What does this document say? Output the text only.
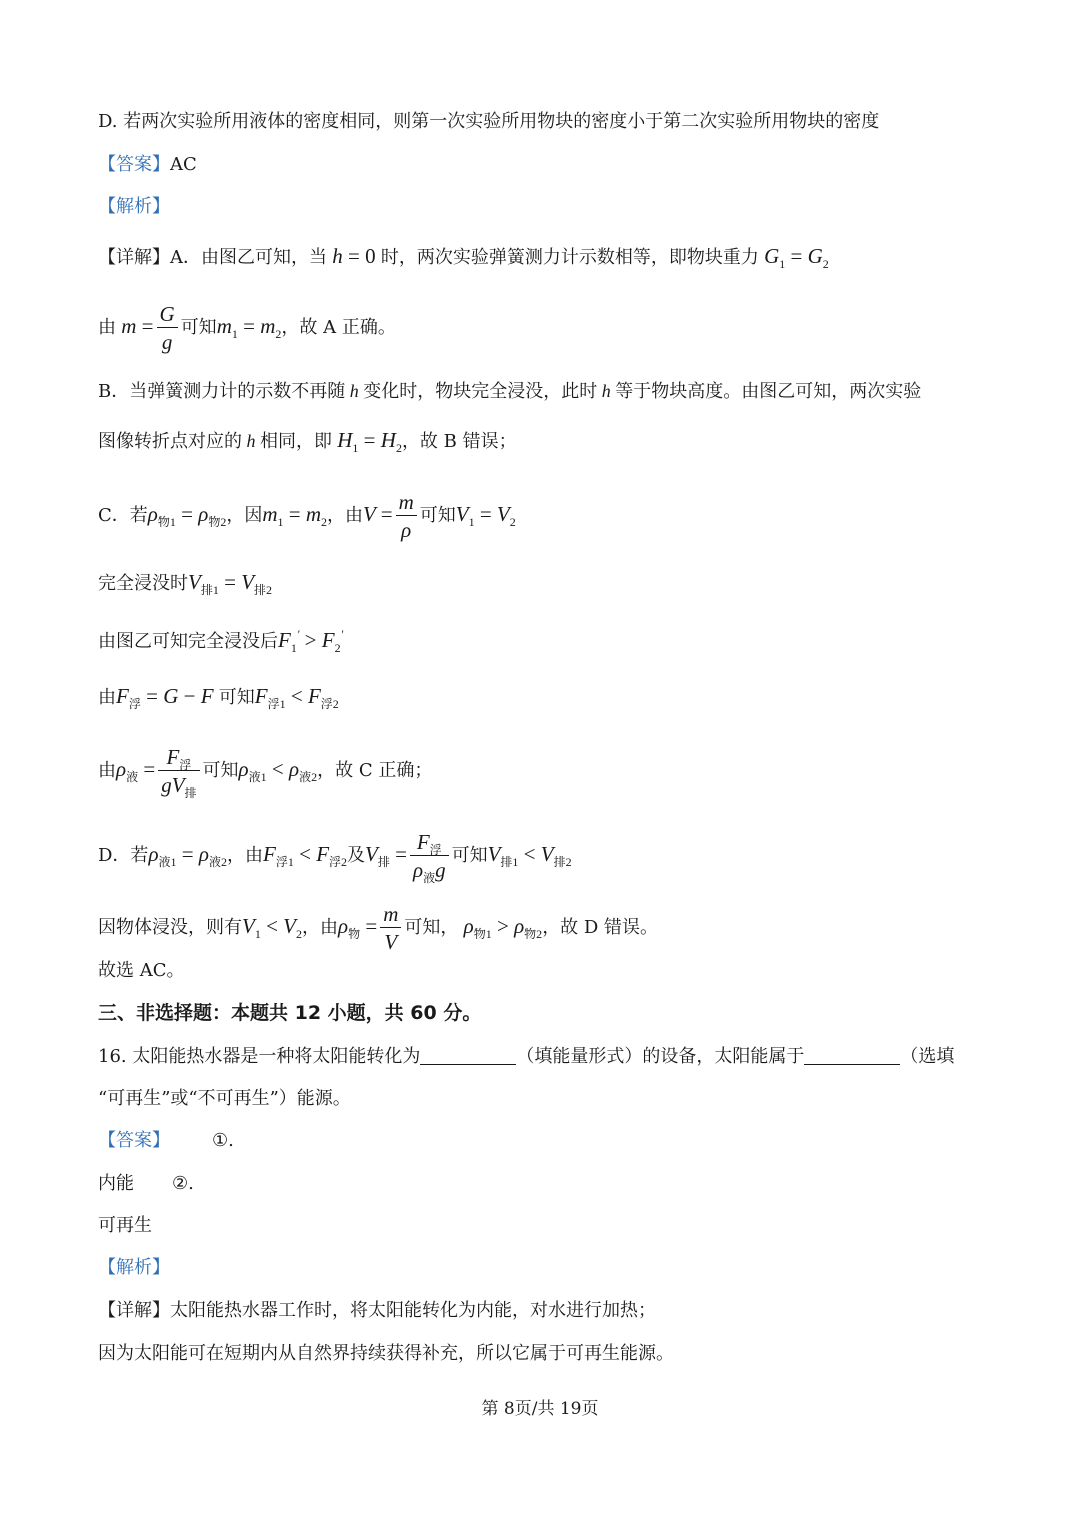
D. 若两次实验所用液体的密度相同，则第一次实验所用物块的密度小于第二次实验所用物块的密度
【答案】AC
【解析】
【详解】A．由图乙可知，当 h = 0 时，两次实验弹簧测力计示数相等，即物块重力 $G_1 = G_2$
由 $m = \frac{G}{g}$ 可知$m_1 = m_2$，故 A 正确。
B．当弹簧测力计的示数不再随 h 变化时，物块完全浸没，此时 h 等于物块高度。由图乙可知，两次实验
图像转折点对应的 h 相同，即 $H_1 = H_2$，故 B 错误；
C．若$\rho_{物1} = \rho_{物2}$，因$m_1 = m_2$，由$V = \frac{m}{\rho}$ 可知$V_1 = V_2$
完全浸没时$V_{排1} = V_{排2}$
由图乙可知完全浸没后$F_1' > F_2'$
由$F_浮 = G - F$ 可知$F_{浮1} < F_{浮2}$
由$\rho_液 = \frac{F_浮}{gV_排}$ 可知$\rho_{液1} < \rho_{液2}$，故 C 正确；
D．若$\rho_{液1} = \rho_{液2}$，由$F_{浮1} < F_{浮2}$及$V_排 = \frac{F_浮}{\rho_液g}$ 可知$V_{排1} < V_{排2}$
因物体浸没，则有$V_1 < V_2$，由$\rho_物 = \frac{m}{V}$ 可知， $\rho_{物1} > \rho_{物2}$，故 D 错误。
故选 AC。
三、非选择题：本题共 12 小题，共 60 分。
16. 太阳能热水器是一种将太阳能转化为	（填能量形式）的设备，太阳能属于	（选填
“可再生”或“不可再生”）能源。
【答案】 ①.
内能 ②.
可再生
【解析】
【详解】太阳能热水器工作时，将太阳能转化为内能，对水进行加热；
因为太阳能可在短期内从自然界持续获得补充，所以它属于可再生能源。
第 8页/共 19页
